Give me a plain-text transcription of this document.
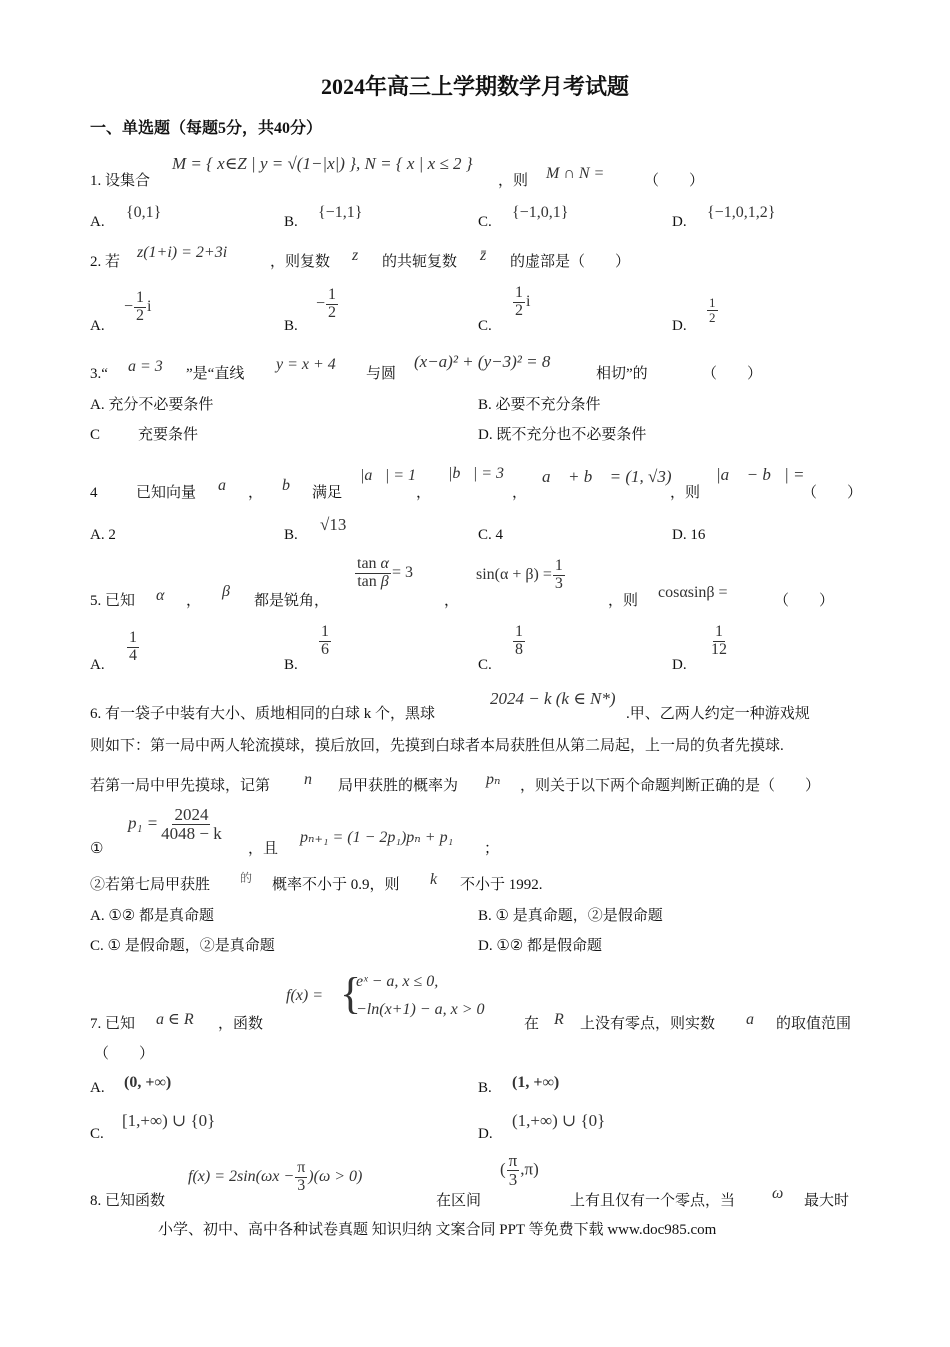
2024年高三上学期数学月考试题
一、单选题（每题5分，共40分）
1. 设集合
M = { x∈Z | y = √(1−|x|) }, N = { x | x ≤ 2 }
，则 M ∩ N =	（　　）
A.
{0,1}
B.
{−1,1}
C.
{−1,0,1}
D.
{−1,0,1,2}
2. 若
z(1+i) = 2+3i
，则复数 z 的共轭复数 z̄ 的虚部是（　　）
A.
− $\frac{1}{2}$ i
B.
− $\frac{1}{2}$
C.
$\frac{1}{2}$ i
D.
$\frac{1}{2}$
3.“ a = 3 ”是“直线
y = x + 4
与圆
(x−a)² + (y−3)² = 8
相切”的	（　　）
A. 充分不必要条件	B. 必要不充分条件
C	充要条件	D. 既不充分也不必要条件
4	已知向量 a⃗ ， b⃗ 满足
|a⃗| = 1
，
|b⃗| = 3
，
a⃗ + b⃗ = (1, √3)
，则
|a⃗ − b⃗| =
（　　）
A. 2	B.
√13
C. 4	D. 16
5. 已知 α ，
β
都是锐角，
$\frac{\text{tan α}}{\text{tan β}} = 3$
，
$\sin(\alpha + \beta) = \frac{1}{3}$
，则 cosαsinβ =	（　　）
A.
$\frac{1}{4}$
B.
$\frac{1}{6}$
C.
$\frac{1}{8}$
D.
$\frac{1}{12}$
6. 有一袋子中装有大小、质地相同的白球 k 个，黑球
2024 − k (k ∈ N*)
.甲、乙两人约定一种游戏规
则如下：第一局中两人轮流摸球，摸后放回，先摸到白球者本局获胜但从第二局起，上一局的负者先摸球.
若第一局中甲先摸球，记第 n 局甲获胜的概率为 pₙ ，则关于以下两个命题判断正确的是（　　）
①
$p_1 = \frac{2024}{4048 - k}$
，且
pₙ₊₁ = (1 − 2p₁)pₙ + p₁
；
②若第七局甲获胜 的 概率不小于 0.9，则 k 不小于 1992.
A. ①② 都是真命题	B. ① 是真命题，②是假命题
C. ① 是假命题，②是真命题	D. ①② 都是假命题
7. 已知 a ∈ R ，函数
f(x) = {
eˣ − a, x ≤ 0,
−ln(x+1) − a, x > 0
在 R 上没有零点，则实数 a 的取值范围
（　　）
A. (0, +∞)	B. (1, +∞)
C.
[1,+∞) ∪ {0}
D.
(1,+∞) ∪ {0}
8. 已知函数
$f(x) = 2\sin(\omega x - \frac{\pi}{3} )(\omega > 0)$
在区间
( $\frac{\pi}{3} ,\pi$)
上有且仅有一个零点，当 ω 最大时
小学、初中、高中各种试卷真题 知识归纳 文案合同 PPT 等免费下载 www.doc985.com
